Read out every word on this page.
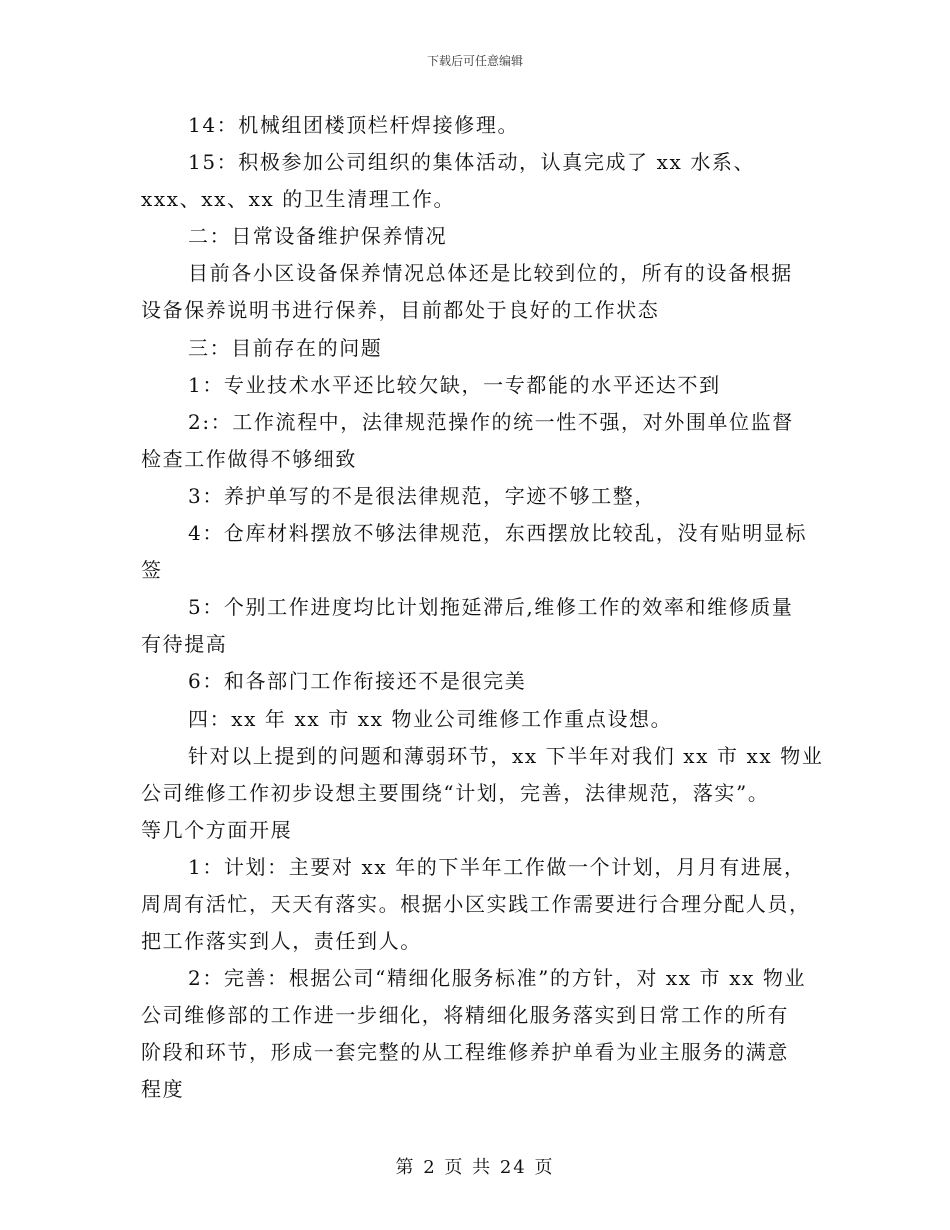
下载后可任意编辑
14：机械组团楼顶栏杆焊接修理。
15：积极参加公司组织的集体活动，认真完成了 xx 水系、
xxx、xx、xx 的卫生清理工作。
二：日常设备维护保养情况
目前各小区设备保养情况总体还是比较到位的，所有的设备根据
设备保养说明书进行保养，目前都处于良好的工作状态
三：目前存在的问题
1：专业技术水平还比较欠缺，一专都能的水平还达不到
2:：工作流程中，法律规范操作的统一性不强，对外围单位监督
检查工作做得不够细致
3：养护单写的不是很法律规范，字迹不够工整，
4：仓库材料摆放不够法律规范，东西摆放比较乱，没有贴明显标
签
5：个别工作进度均比计划拖延滞后,维修工作的效率和维修质量
有待提高
6：和各部门工作衔接还不是很完美
四：xx 年 xx 市 xx 物业公司维修工作重点设想。
针对以上提到的问题和薄弱环节，xx 下半年对我们 xx 市 xx 物业
公司维修工作初步设想主要围绕“计划，完善，法律规范，落实”。
等几个方面开展
1：计划：主要对 xx 年的下半年工作做一个计划，月月有进展，
周周有活忙，天天有落实。根据小区实践工作需要进行合理分配人员，
把工作落实到人，责任到人。
2：完善：根据公司“精细化服务标准”的方针，对 xx 市 xx 物业
公司维修部的工作进一步细化，将精细化服务落实到日常工作的所有
阶段和环节，形成一套完整的从工程维修养护单看为业主服务的满意
程度
第 2 页 共 24 页
